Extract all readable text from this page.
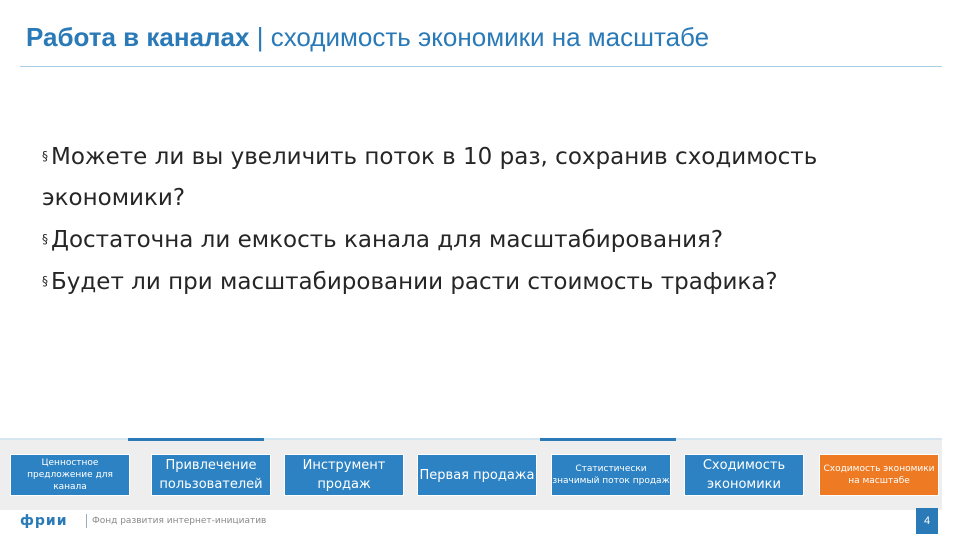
Работа в каналах | сходимость экономики на масштабе

§ Можете ли вы увеличить поток в 10 раз, сохранив сходимость экономики?

§ Достаточна ли емкость канала для масштабирования?

§ Будет ли при масштабировании расти стоимость трафика?

Ценностное предложение для канала
Привлечение пользователей
Инструмент продаж
Первая продажа	Статистически значимый поток продаж
Сходимость экономики
Сходимость экономики на масштабе
фрии	Фонд развития интернет-инициатив	4
